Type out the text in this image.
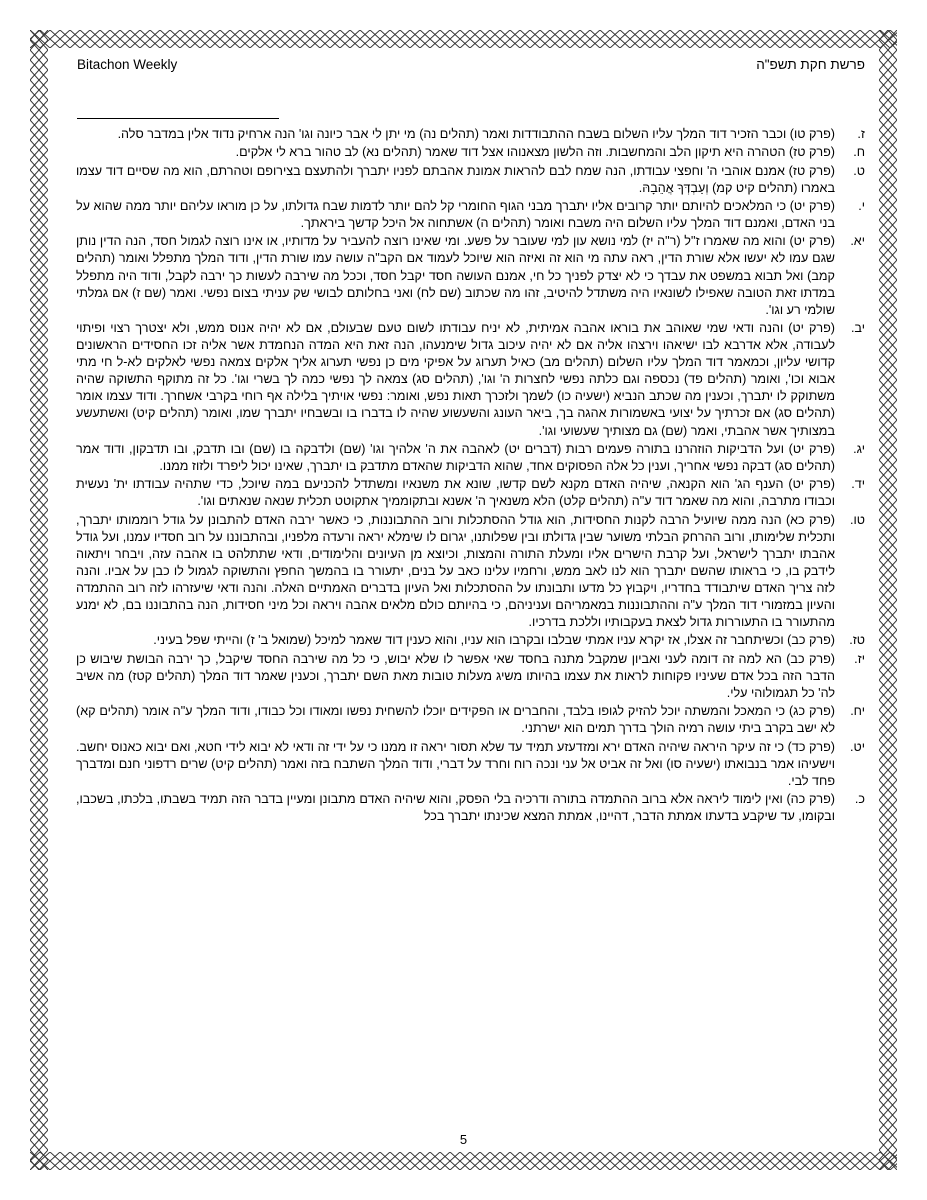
Bitachon Weekly	פרשת חקת תשפ"ה
ז.
(פרק טו) וכבר הזכיר דוד המלך עליו השלום בשבח ההתבודדות ואמר (תהלים נה) מי יתן לי אבר כיונה וגו' הנה ארחיק נדוד אלין במדבר סלה.
ח.
(פרק טז) הטהרה היא תיקון הלב והמחשבות. וזה הלשון מצאנוהו אצל דוד שאמר (תהלים נא) לב טהור ברא לי אלקים.
ט.
(פרק טז) אמנם אוהבי ה' וחפצי עבודתו, הנה שמח לבם להראות אמונת אהבתם לפניו יתברך ולהתעצם בצירופם וטהרתם, הוא מה שסיים דוד עצמו באמרו (תהלים קיט קמ) וְעַבְדְּךָ אֲהֵבָהּ.
י.
(פרק יט) כי המלאכים להיותם יותר קרובים אליו יתברך מבני הגוף החומרי קל להם יותר לדמות שבח גדולתו, על כן מוראו עליהם יותר ממה שהוא על בני האדם, ואמנם דוד המלך עליו השלום היה משבח ואומר (תהלים ה) אשתחוה אל היכל קדשך ביראתך.
יא.
(פרק יט) והוא מה שאמרו ז"ל (ר"ה יז) למי נושא עון למי שעובר על פשע. ומי שאינו רוצה להעביר על מדותיו, או אינו רוצה לגמול חסד, הנה הדין נותן שגם עמו לא יעשו אלא שורת הדין, ראה עתה מי הוא זה ואיזה הוא שיוכל לעמוד אם הקב"ה עושה עמו שורת הדין, ודוד המלך מתפלל ואומר (תהלים קמב) ואל תבוא במשפט את עבדך כי לא יצדק לפניך כל חי, אמנם העושה חסד יקבל חסד, וככל מה שירבה לעשות כך ירבה לקבל, ודוד היה מתפלל במדתו זאת הטובה שאפילו לשונאיו היה משתדל להיטיב, זהו מה שכתוב (שם לח) ואני בחלותם לבושי שק עניתי בצום נפשי. ואמר (שם ז) אם גמלתי שולמי רע וגו'.
יב.
(פרק יט) והנה ודאי שמי שאוהב את בוראו אהבה אמיתית, לא יניח עבודתו לשום טעם שבעולם, אם לא יהיה אנוס ממש, ולא יצטרך רצוי ופיתוי לעבודה, אלא אדרבא לבו ישיאהו וירצהו אליה אם לא יהיה עיכוב גדול שימנעהו, הנה זאת היא המדה הנחמדת אשר אליה זכו החסידים הראשונים קדושי עליון, וכמאמר דוד המלך עליו השלום (תהלים מב) כאיל תערוג על אפיקי מים כן נפשי תערוג אליך אלקים צמאה נפשי לאלקים לא-ל חי מתי אבוא וכו', ואומר (תהלים פד) נכספה וגם כלתה נפשי לחצרות ה' וגו', (תהלים סג) צמאה לך נפשי כמה לך בשרי וגו'. כל זה מתוקף התשוקה שהיה משתוקק לו יתברך, וכענין מה שכתב הנביא (ישעיה כו) לשמך ולזכרך תאות נפש, ואומר: נפשי אויתיך בלילה אף רוחי בקרבי אשחרך. ודוד עצמו אומר (תהלים סג) אם זכרתיך על יצועי באשמורות אהגה בך, ביאר העונג והשעשוע שהיה לו בדברו בו ובשבחיו יתברך שמו, ואומר (תהלים קיט) ואשתעשע במצותיך אשר אהבתי, ואמר (שם) גם מצותיך שעשועי וגו'.
יג.
(פרק יט) ועל הדביקות הוזהרנו בתורה פעמים רבות (דברים יט) לאהבה את ה' אלהיך וגו' (שם) ולדבקה בו (שם) ובו תדבק, ובו תדבקון, ודוד אמר (תהלים סג) דבקה נפשי אחריך, וענין כל אלה הפסוקים אחד, שהוא הדביקות שהאדם מתדבק בו יתברך, שאינו יכול ליפרד ולזוז ממנו.
יד.
(פרק יט) הענף הג' הוא הקנאה, שיהיה האדם מקנא לשם קדשו, שונא את משנאיו ומשתדל להכניעם במה שיוכל, כדי שתהיה עבודתו ית' נעשית וכבודו מתרבה, והוא מה שאמר דוד ע"ה (תהלים קלט) הלא משנאיך ה' אשנא ובתקוממיך אתקוטט תכלית שנאה שנאתים וגו'.
טו.
(פרק כא) הנה ממה שיועיל הרבה לקנות החסידות, הוא גודל ההסתכלות ורוב ההתבוננות, כי כאשר ירבה האדם להתבונן על גודל רוממותו יתברך, ותכלית שלימותו, ורוב ההרחק הבלתי משוער שבין גדולתו ובין שפלותנו, יגרום לו שימלא יראה ורעדה מלפניו, ובהתבוננו על רוב חסדיו עמנו, ועל גודל אהבתו יתברך לישראל, ועל קרבת הישרים אליו ומעלת התורה והמצות, וכיוצא מן העיונים והלימודים, ודאי שתתלהט בו אהבה עזה, ויבחר ויתאוה לידבק בו, כי בראותו שהשם יתברך הוא לנו לאב ממש, ורחמיו עלינו כאב על בנים, יתעורר בו בהמשך החפץ והתשוקה לגמול לו כבן על אביו. והנה לזה צריך האדם שיתבודד בחדריו, ויקבוץ כל מדעו ותבונתו על ההסתכלות ואל העיון בדברים האמתיים האלה. והנה ודאי שיעזרהו לזה רוב ההתמדה והעיון במזמורי דוד המלך ע"ה וההתבוננות במאמריהם ועניניהם, כי בהיותם כולם מלאים אהבה ויראה וכל מיני חסידות, הנה בהתבוננו בם, לא ימנע מהתעורר בו התעוררות גדול לצאת בעקבותיו וללכת בדרכיו.
טז.
(פרק כב) וכשיתחבר זה אצלו, אז יקרא עניו אמתי שבלבו ובקרבו הוא עניו, והוא כענין דוד שאמר למיכל (שמואל ב' ז) והייתי שפל בעיני.
יז.
(פרק כב) הא למה זה דומה לעני ואביון שמקבל מתנה בחסד שאי אפשר לו שלא יבוש, כי כל מה שירבה החסד שיקבל, כך ירבה הבושת שיבוש כן הדבר הזה בכל אדם שעיניו פקוחות לראות את עצמו בהיותו משיג מעלות טובות מאת השם יתברך, וכענין שאמר דוד המלך (תהלים קטז) מה אשיב לה' כל תגמולוהי עלי.
יח.
(פרק כג) כי המאכל והמשתה יוכל להזיק לגופו בלבד, והחברים או הפקידים יוכלו להשחית נפשו ומאודו וכל כבודו, ודוד המלך ע"ה אומר (תהלים קא) לא ישב בקרב ביתי עושה רמיה הולך בדרך תמים הוא ישרתני.
יט.
(פרק כד) כי זה עיקר היראה שיהיה האדם ירא ומזדעזע תמיד עד שלא תסור יראה זו ממנו כי על ידי זה ודאי לא יבוא לידי חטא, ואם יבוא כאנוס יחשב. וישעיהו אמר בנבואתו (ישעיה סו) ואל זה אביט אל עני ונכה רוח וחרד על דברי, ודוד המלך השתבח בזה ואמר (תהלים קיט) שרים רדפוני חנם ומדברך פחד לבי.
כ.
(פרק כה) ואין לימוד ליראה אלא ברוב ההתמדה בתורה ודרכיה בלי הפסק, והוא שיהיה האדם מתבונן ומעיין בדבר הזה תמיד בשבתו, בלכתו, בשכבו, ובקומו, עד שיקבע בדעתו אמתת הדבר, דהיינו, אמתת המצא שכינתו יתברך בכל
5
